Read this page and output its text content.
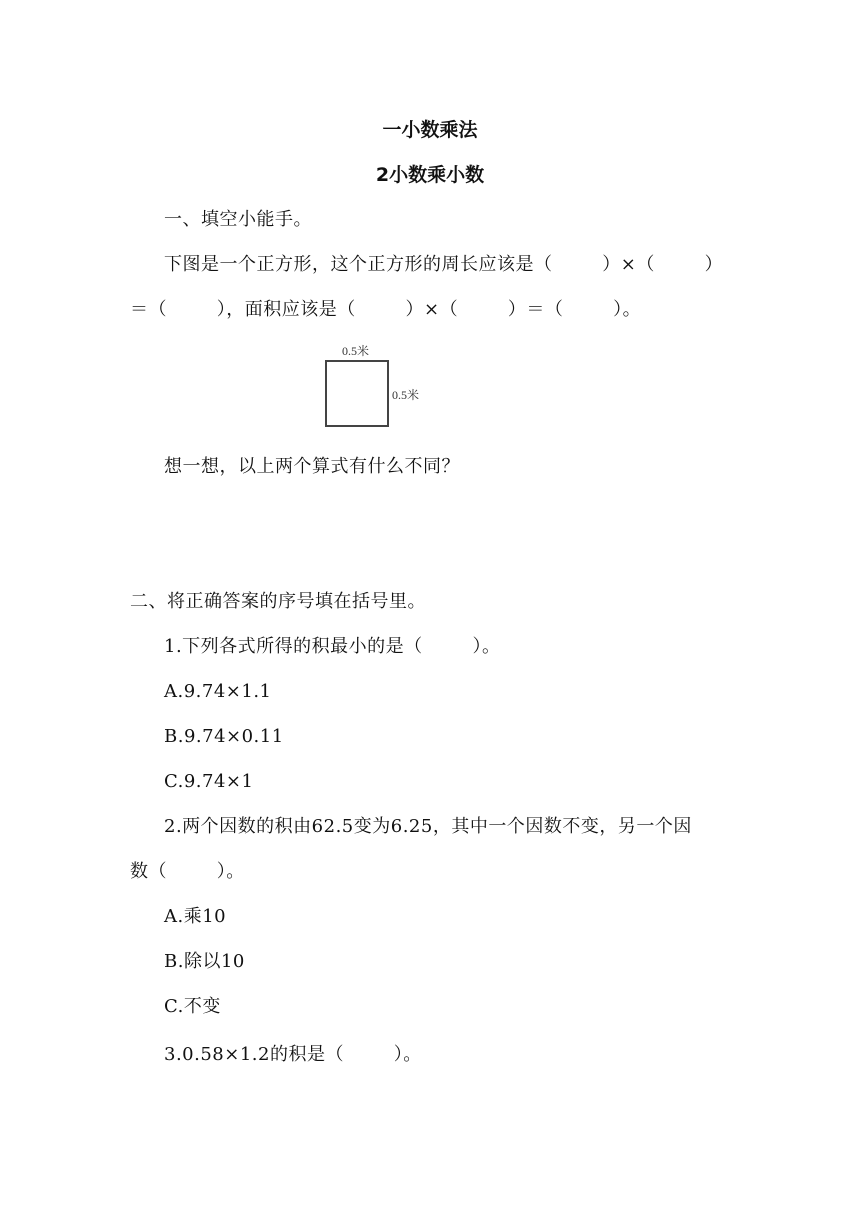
一小数乘法
2小数乘小数
一、填空小能手。
下图是一个正方形，这个正方形的周长应该是（        ）×（        ）
＝（        ），面积应该是（        ）×（        ）＝（        ）。
0.5米
0.5米
想一想，以上两个算式有什么不同？
二、将正确答案的序号填在括号里。
1.下列各式所得的积最小的是（        ）。
A.9.74×1.1
B.9.74×0.11
C.9.74×1
2.两个因数的积由62.5变为6.25，其中一个因数不变，另一个因
数（        ）。
A.乘10
B.除以10
C.不变
3.0.58×1.2的积是（        ）。
